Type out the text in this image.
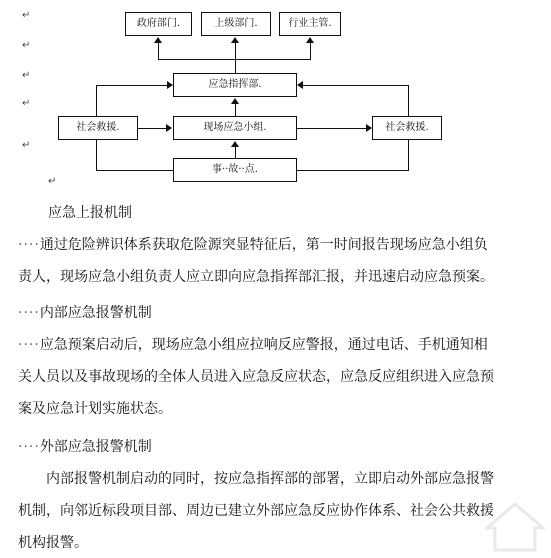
↵
↵
↵
↵
↵
↵
政府部门.	上级部门.	行业主管.
应急指挥部.
社会救援.	现场应急小组.	社会救援.
事··故··点.
应急上报机制
····通过危险辨识体系获取危险源突显特征后，第一时间报告现场应急小组负
责人，现场应急小组负责人应立即向应急指挥部汇报，并迅速启动应急预案。
····内部应急报警机制
····应急预案启动后，现场应急小组应拉响反应警报，通过电话、手机通知相
关人员以及事故现场的全体人员进入应急反应状态，应急反应组织进入应急预
案及应急计划实施状态。
····外部应急报警机制
内部报警机制启动的同时，按应急指挥部的部署，立即启动外部应急报警
机制，向邻近标段项目部、周边已建立外部应急反应协作体系、社会公共救援
机构报警。
